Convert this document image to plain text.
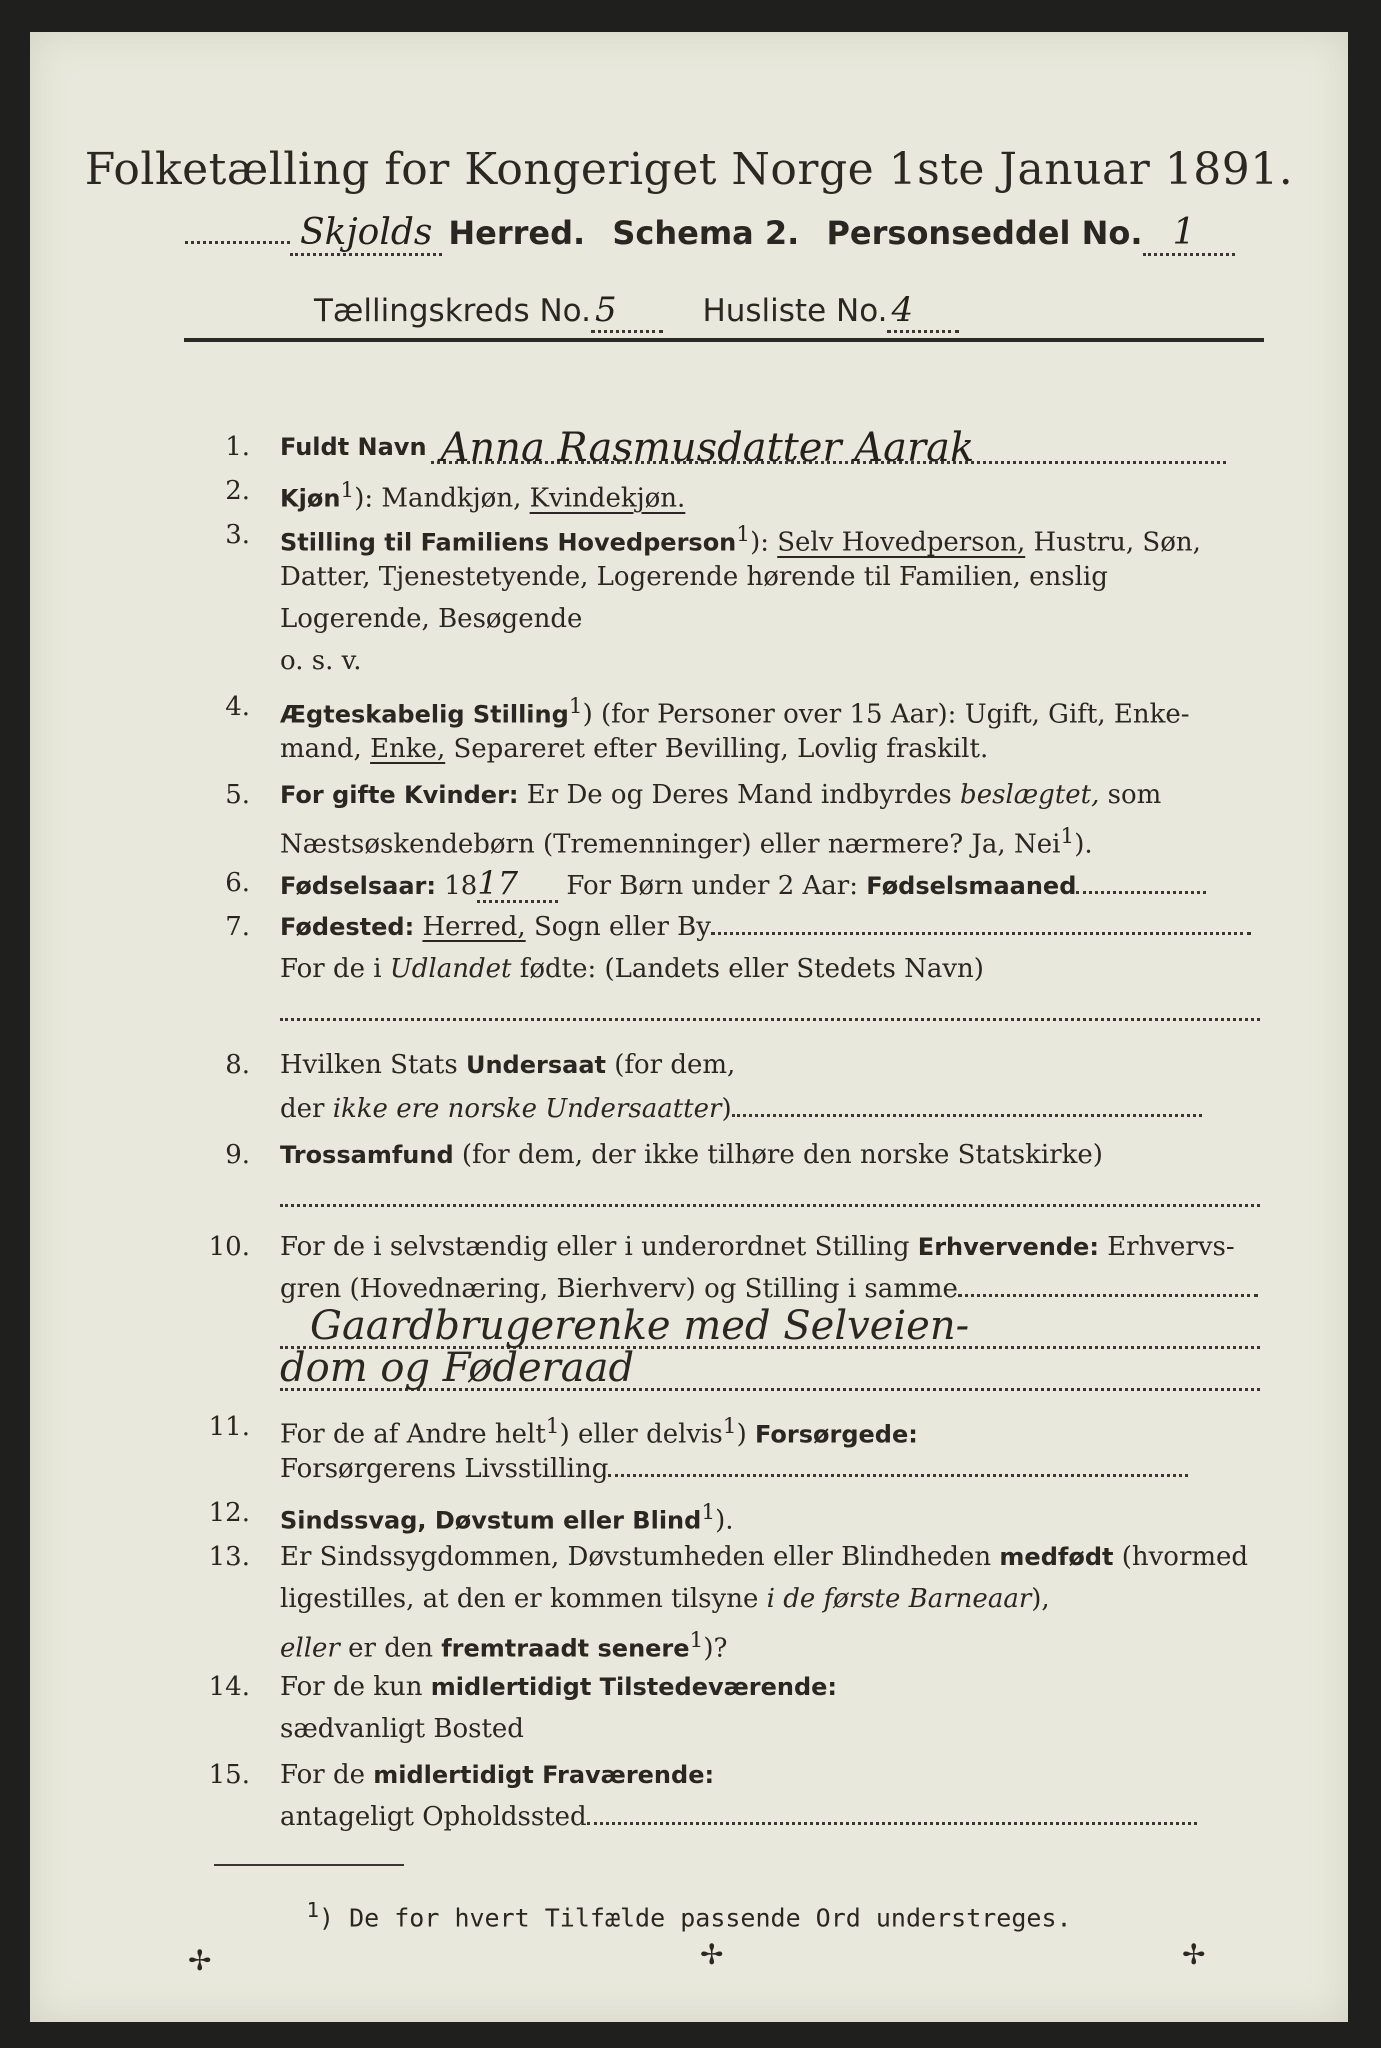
Folketælling for Kongeriget Norge 1ste Januar 1891.
Skjolds Herred. Schema 2. Personseddel No. 1
Tællingskreds No. 5	Husliste No. 4
1. Fuldt Navn Anna Rasmusdatter Aarak
2. Kjøn$^1$): Mandkjøn, Kvindekjøn.
3. Stilling til Familiens Hovedperson$^1$): Selv Hovedperson, Hustru, Søn,
Datter, Tjenestetyende, Logerende hørende til Familien, enslig
Logerende, Besøgende
o. s. v.
4. Ægteskabelig Stilling$^1$) (for Personer over 15 Aar): Ugift, Gift, Enke-
mand, Enke, Separeret efter Bevilling, Lovlig fraskilt.
5. For gifte Kvinder: Er De og Deres Mand indbyrdes beslægtet, som
Næstsøskendebørn (Tremenninger) eller nærmere? Ja, Nei$^1$).
6. Fødselsaar: 1817 For Børn under 2 Aar: Fødselsmaaned
7. Fødested: Herred, Sogn eller By
For de i Udlandet fødte: (Landets eller Stedets Navn)
8. Hvilken Stats Undersaat (for dem,
der ikke ere norske Undersaatter)
9. Trossamfund (for dem, der ikke tilhøre den norske Statskirke)
10. For de i selvstændig eller i underordnet Stilling Erhvervende: Erhvervs-
gren (Hovednæring, Bierhverv) og Stilling i samme
Gaardbrugerenke med Selveien-
dom og Føderaad
11. For de af Andre helt$^1$) eller delvis$^1$) Forsørgede:
Forsørgerens Livsstilling
12. Sindssvag, Døvstum eller Blind$^1$).
13. Er Sindssygdommen, Døvstumheden eller Blindheden medfødt (hvormed
ligestilles, at den er kommen tilsyne i de første Barneaar),
eller er den fremtraadt senere$^1$)?
14. For de kun midlertidigt Tilstedeværende:
sædvanligt Bosted
15. For de midlertidigt Fraværende:
antageligt Opholdssted
$^1$) De for hvert Tilfælde passende Ord understreges.
✢	✢	✢
